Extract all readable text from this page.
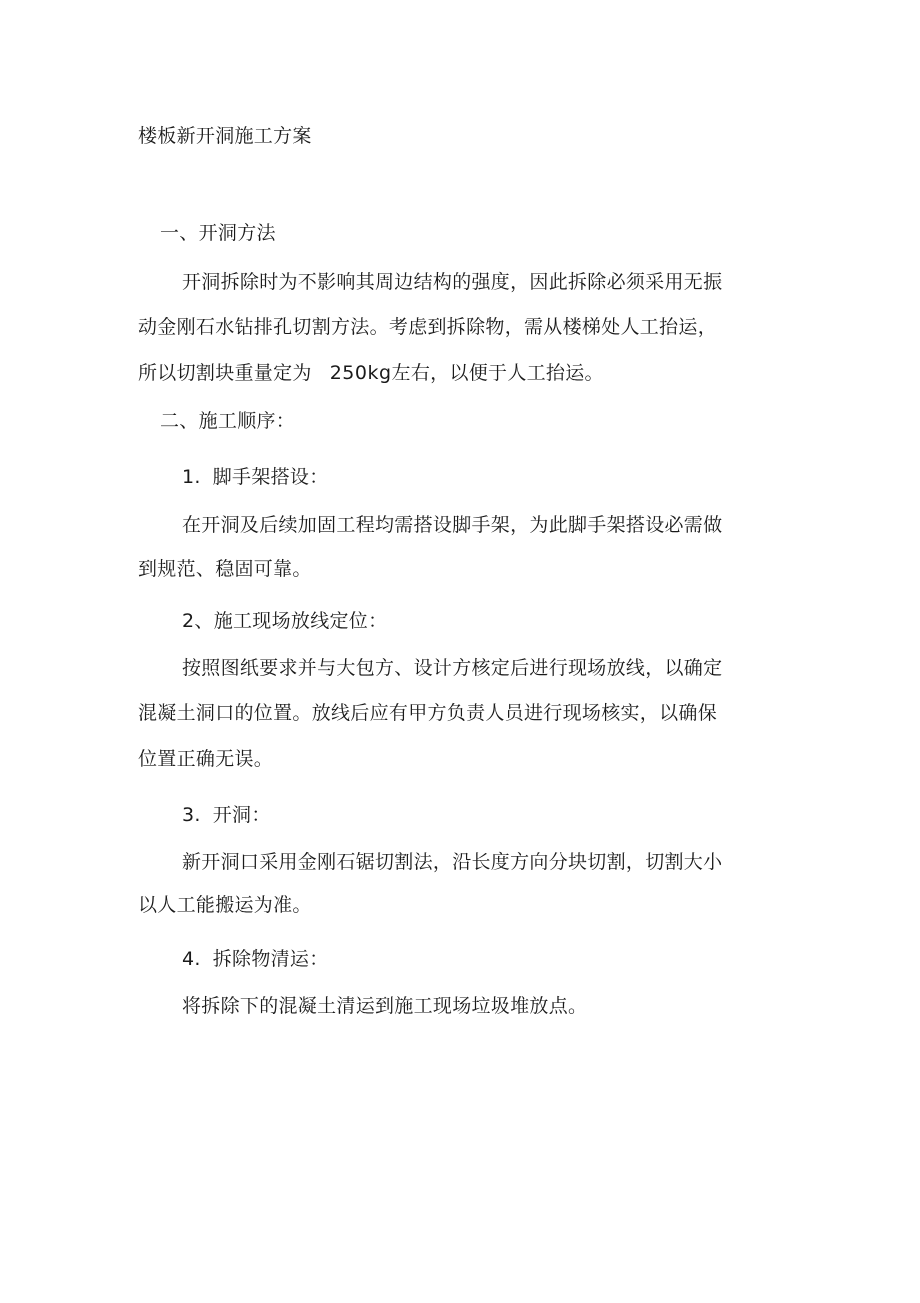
楼板新开洞施工方案
一、开洞方法
开洞拆除时为不影响其周边结构的强度，因此拆除必须采用无振
动金刚石水钻排孔切割方法。考虑到拆除物，需从楼梯处人工抬运，
所以切割块重量定为 250kg左右，以便于人工抬运。
二、施工顺序：
1. 脚手架搭设：
在开洞及后续加固工程均需搭设脚手架，为此脚手架搭设必需做
到规范、稳固可靠。
2、施工现场放线定位：
按照图纸要求并与大包方、设计方核定后进行现场放线，以确定
混凝土洞口的位置。放线后应有甲方负责人员进行现场核实，以确保
位置正确无误。
3. 开洞：
新开洞口采用金刚石锯切割法，沿长度方向分块切割，切割大小
以人工能搬运为准。
4. 拆除物清运：
将拆除下的混凝土清运到施工现场垃圾堆放点。
